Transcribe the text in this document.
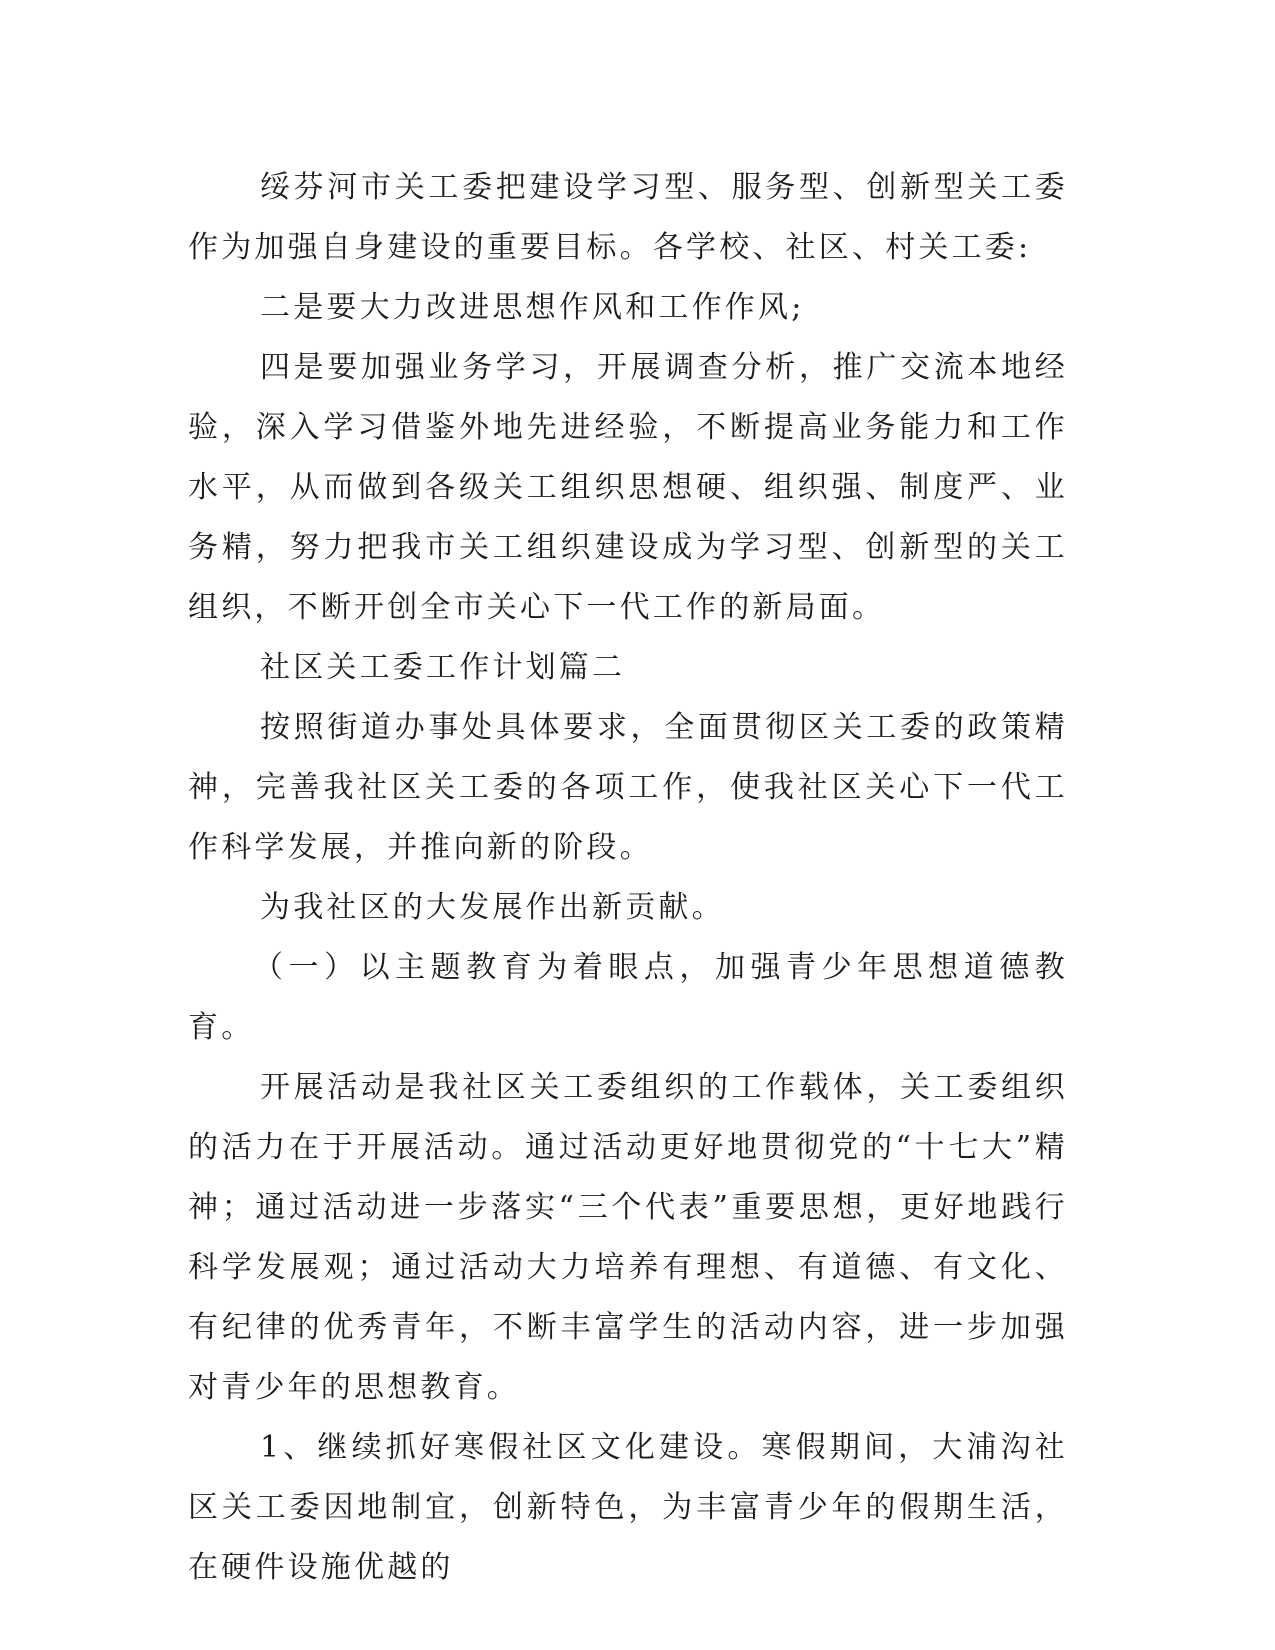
绥芬河市关工委把建设学习型、服务型、创新型关工委作为加强自身建设的重要目标。各学校、社区、村关工委:

二是要大力改进思想作风和工作作风;

四是要加强业务学习，开展调查分析，推广交流本地经验，深入学习借鉴外地先进经验，不断提高业务能力和工作水平，从而做到各级关工组织思想硬、组织强、制度严、业务精，努力把我市关工组织建设成为学习型、创新型的关工组织，不断开创全市关心下一代工作的新局面。

社区关工委工作计划篇二

按照街道办事处具体要求，全面贯彻区关工委的政策精神，完善我社区关工委的各项工作，使我社区关心下一代工作科学发展，并推向新的阶段。

为我社区的大发展作出新贡献。

（一）以主题教育为着眼点，加强青少年思想道德教育。

开展活动是我社区关工委组织的工作载体，关工委组织的活力在于开展活动。通过活动更好地贯彻党的“十七大”精神；通过活动进一步落实“三个代表”重要思想，更好地践行科学发展观；通过活动大力培养有理想、有道德、有文化、有纪律的优秀青年，不断丰富学生的活动内容，进一步加强对青少年的思想教育。

1、继续抓好寒假社区文化建设。寒假期间，大浦沟社区关工委因地制宜，创新特色，为丰富青少年的假期生活，在硬件设施优越的
